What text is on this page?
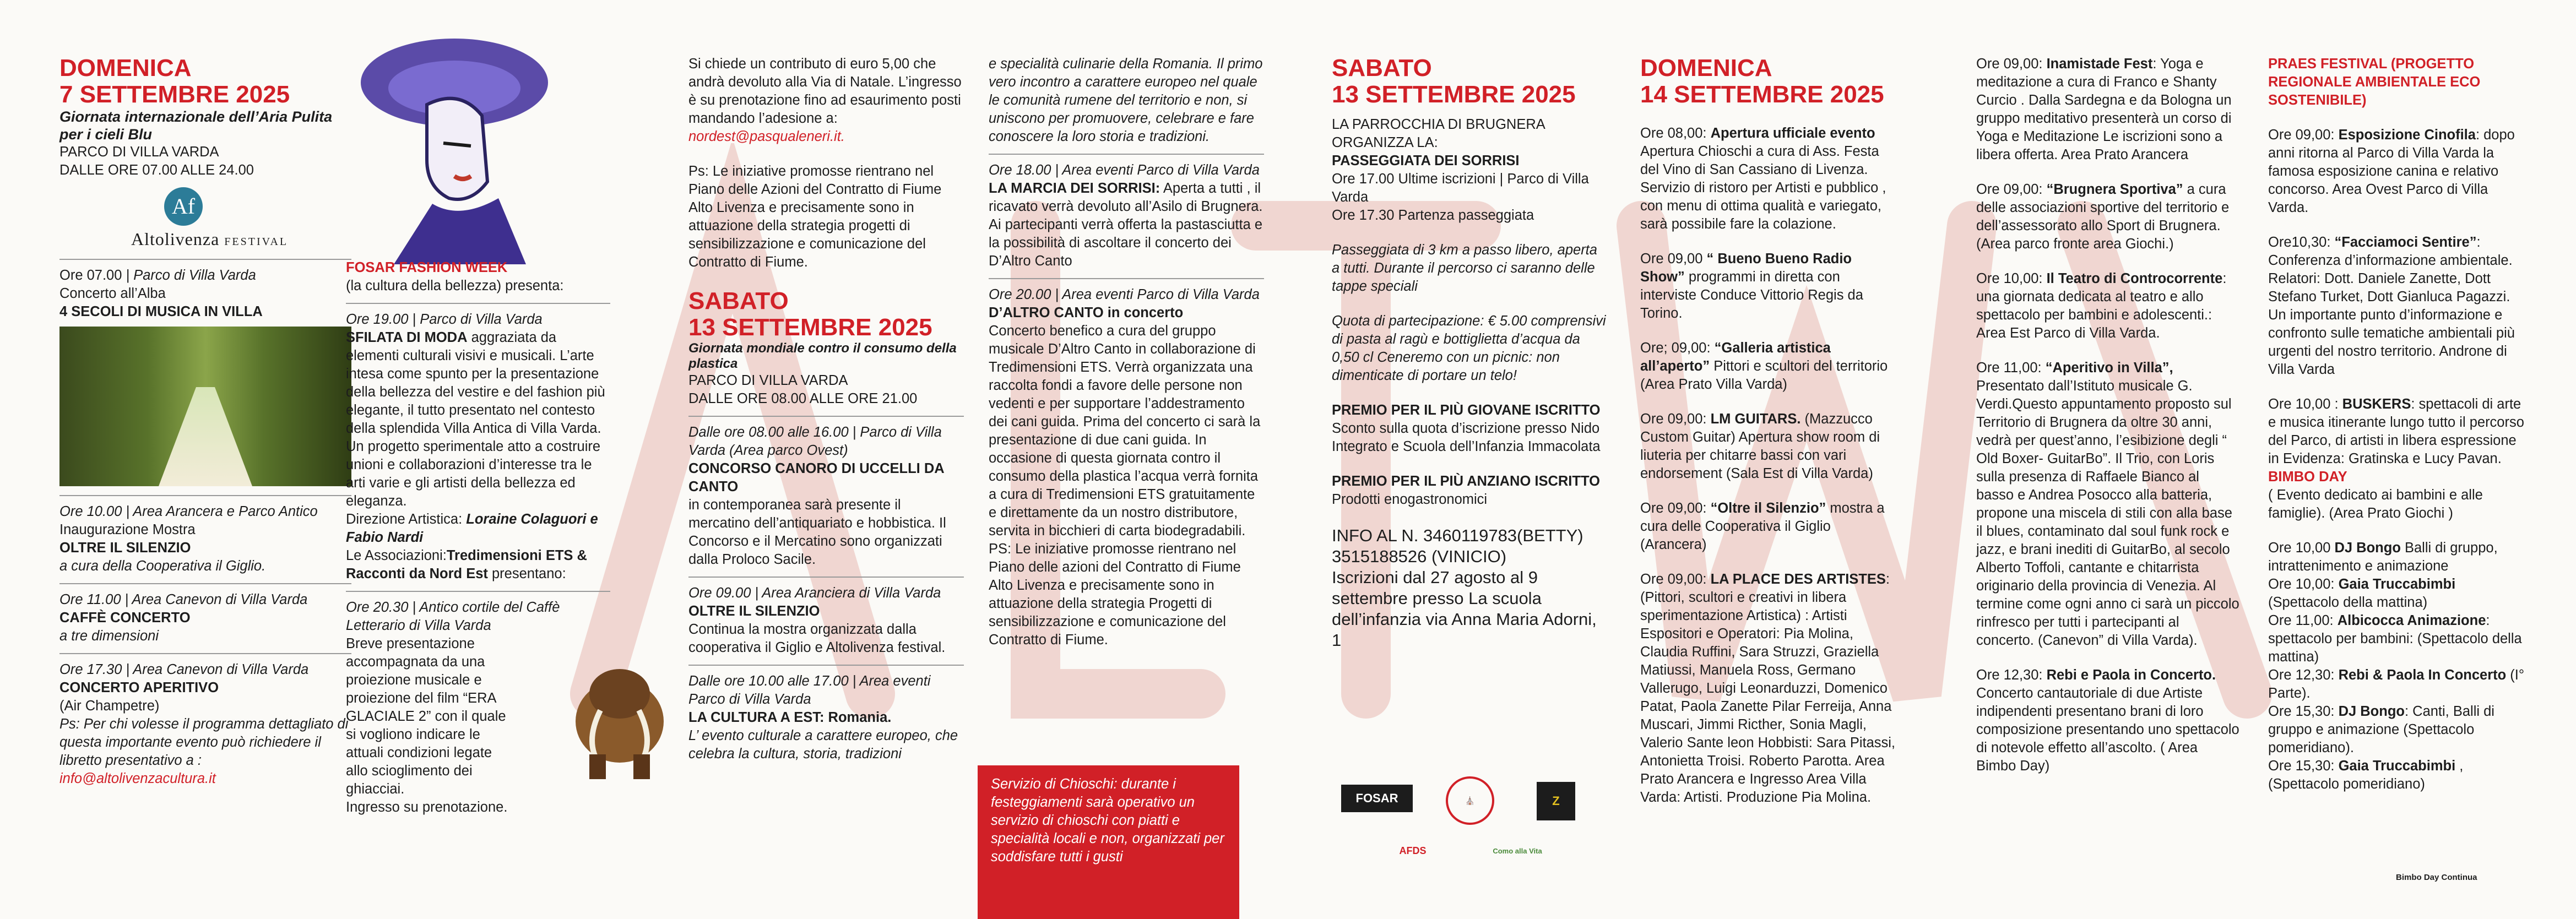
DOMENICA
7 SETTEMBRE 2025

Giornata internazionale dell’Aria Pulita per i cieli Blu

PARCO DI VILLA VARDA

DALLE ORE 07.00 ALLE 24.00

Af
Altolivenza FESTIVAL

Ore 07.00 | Parco di Villa Varda

Concerto all’Alba

4 SECOLI DI MUSICA IN VILLA

Ore 10.00 | Area Arancera e Parco Antico

Inaugurazione Mostra

OLTRE IL SILENZIO

a cura della Cooperativa il Giglio.

Ore 11.00 | Area Canevon di Villa Varda

CAFFÈ CONCERTO

a tre dimensioni

Ore 17.30 | Area Canevon di Villa Varda

CONCERTO APERITIVO

(Air Champetre)

Ps: Per chi volesse il programma dettagliato di questa importante evento può richiedere il libretto presentativo a :

info@altolivenzacultura.it

FOSAR FASHION WEEK

(la cultura della bellezza) presenta:

Ore 19.00 | Parco di Villa Varda

SFILATA DI MODA aggraziata da elementi culturali visivi e musicali. L’arte intesa come spunto per la presentazione della bellezza del vestire e del fashion più elegante, il tutto presentato nel contesto della splendida Villa Antica di Villa Varda. Un progetto sperimentale atto a costruire unioni e collaborazioni d’interesse tra le arti varie e gli artisti della bellezza ed eleganza.

Direzione Artistica: Loraine Colaguori e Fabio Nardi

Le Associazioni:Tredimensioni ETS & Racconti da Nord Est presentano:

Ore 20.30 | Antico cortile del Caffè Letterario di Villa Varda

Breve presentazione accompagnata da una proiezione musicale e proiezione del film “ERA GLACIALE 2” con il quale si vogliono indicare le attuali condizioni legate allo scioglimento dei ghiacciai.

Ingresso su prenotazione.

Si chiede un contributo di euro 5,00 che andrà devoluto alla Via di Natale. L’ingresso è su prenotazione fino ad esaurimento posti mandando l’adesione a:

nordest@pasqualeneri.it.

Ps: Le iniziative promosse rientrano nel Piano delle Azioni del Contratto di Fiume Alto Livenza e precisamente sono in attuazione della strategia progetti di sensibilizzazione e comunicazione del Contratto di Fiume.

SABATO
13 SETTEMBRE 2025

Giornata mondiale contro il consumo della plastica

PARCO DI VILLA VARDA

DALLE ORE 08.00 ALLE ORE 21.00

Dalle ore 08.00 alle 16.00 | Parco di Villa Varda (Area parco Ovest)

CONCORSO CANORO DI UCCELLI DA CANTO

in contemporanea sarà presente il mercatino dell’antiquariato e hobbistica. Il Concorso e il Mercatino sono organizzati dalla Proloco Sacile.

Ore 09.00 | Area Aranciera di Villa Varda

OLTRE IL SILENZIO

Continua la mostra organizzata dalla cooperativa il Giglio e Altolivenza festival.

Dalle ore 10.00 alle 17.00 | Area eventi Parco di Villa Varda

LA CULTURA A EST: Romania.

L’ evento culturale a carattere europeo, che celebra la cultura, storia, tradizioni

e specialità culinarie della Romania. Il primo vero incontro a carattere europeo nel quale le comunità rumene del territorio e non, si uniscono per promuovere, celebrare e fare conoscere la loro storia e tradizioni.

Ore 18.00 | Area eventi Parco di Villa Varda

LA MARCIA DEI SORRISI: Aperta a tutti , il ricavato verrà devoluto all’Asilo di Brugnera. Ai partecipanti verrà offerta la pastasciutta e la possibilità di ascoltare il concerto dei D’Altro Canto

Ore 20.00 | Area eventi Parco di Villa Varda

D’ALTRO CANTO in concerto

Concerto benefico a cura del gruppo musicale D’Altro Canto in collaborazione di Tredimensioni ETS. Verrà organizzata una raccolta fondi a favore delle persone non vedenti e per supportare l’addestramento dei cani guida. Prima del concerto ci sarà la presentazione di due cani guida. In occasione di questa giornata contro il consumo della plastica l’acqua verrà fornita a cura di Tredimensioni ETS gratuitamente e direttamente da un nostro distributore, servita in bicchieri di carta biodegradabili.

PS: Le iniziative promosse rientrano nel Piano delle azioni del Contratto di Fiume Alto Livenza e precisamente sono in attuazione della strategia Progetti di sensibilizzazione e comunicazione del Contratto di Fiume.

Servizio di Chioschi: durante i festeggiamenti sarà operativo un servizio di chioschi con piatti e specialità locali e non, organizzati per soddisfare tutti i gusti
SABATO
13 SETTEMBRE 2025

LA PARROCCHIA DI BRUGNERA

ORGANIZZA LA:

PASSEGGIATA DEI SORRISI

Ore 17.00 Ultime iscrizioni | Parco di Villa Varda

Ore 17.30 Partenza passeggiata

Passeggiata di 3 km a passo libero, aperta a tutti. Durante il percorso ci saranno delle tappe speciali

Quota di partecipazione: € 5.00 comprensivi di pasta al ragù e bottiglietta d’acqua da 0,50 cl Ceneremo con un picnic: non dimenticate di portare un telo!

PREMIO PER IL PIÙ GIOVANE ISCRITTO

Sconto sulla quota d’iscrizione presso Nido Integrato e Scuola dell’Infanzia Immacolata

PREMIO PER IL PIÙ ANZIANO ISCRITTO

Prodotti enogastronomici

INFO AL N. 3460119783(BETTY) 3515188526 (VINICIO)

Iscrizioni dal 27 agosto al 9 settembre presso La scuola dell’infanzia via Anna Maria Adorni, 1

FOSAR	⛪	Z
AFDS	Como alla Vita
DOMENICA
14 SETTEMBRE 2025

Ore 08,00: Apertura ufficiale evento

Apertura Chioschi a cura di Ass. Festa del Vino di San Cassiano di Livenza. Servizio di ristoro per Artisti e pubblico , con menu di ottima qualità e variegato, sarà possibile fare la colazione.

Ore 09,00 “ Bueno Bueno Radio Show” programmi in diretta con interviste Conduce Vittorio Regis da Torino.

Ore; 09,00: “Galleria artistica all’aperto” Pittori e scultori del territorio (Area Prato Villa Varda)

Ore 09,00: LM GUITARS. (Mazzucco Custom Guitar) Apertura show room di liuteria per chitarre bassi con vari endorsement (Sala Est di Villa Varda)

Ore 09,00: “Oltre il Silenzio” mostra a cura delle Cooperativa il Giglio (Arancera)

Ore 09,00: LA PLACE DES ARTISTES: (Pittori, scultori e creativi in libera sperimentazione Artistica) : Artisti Espositori e Operatori: Pia Molina, Claudia Ruffini, Sara Struzzi, Graziella Matiussi, Manuela Ross, Germano Vallerugo, Luigi Leonarduzzi, Domenico Patat, Paola Zanette Pilar Ferreija, Anna Muscari, Jimmi Ricther, Sonia Magli, Valerio Sante leon Hobbisti: Sara Pitassi, Antonietta Troisi. Roberto Parotta. Area Prato Arancera e Ingresso Area Villa Varda: Artisti. Produzione Pia Molina.

Ore 09,00: Inamistade Fest: Yoga e meditazione a cura di Franco e Shanty Curcio . Dalla Sardegna e da Bologna un gruppo meditativo presenterà un corso di Yoga e Meditazione Le iscrizioni sono a libera offerta. Area Prato Arancera

Ore 09,00: “Brugnera Sportiva” a cura delle associazioni sportive del territorio e dell’assessorato allo Sport di Brugnera. (Area parco fronte area Giochi.)

Ore 10,00: Il Teatro di Controcorrente: una giornata dedicata al teatro e allo spettacolo per bambini e adolescenti.: Area Est Parco di Villa Varda.

Ore 11,00: “Aperitivo in Villa”, Presentato dall’Istituto musicale G. Verdi.Questo appuntamento proposto sul Territorio di Brugnera da oltre 30 anni, vedrà per quest’anno, l’esibizione degli “ Old Boxer- GuitarBo”. Il Trio, con Loris sulla presenza di Raffaele Bianco al basso e Andrea Posocco alla batteria, propone una miscela di stili con alla base il blues, contaminato dal soul funk rock e jazz, e brani inediti di GuitarBo, al secolo Alberto Toffoli, cantante e chitarrista originario della provincia di Venezia. Al termine come ogni anno ci sarà un piccolo rinfresco per tutti i partecipanti al concerto. (Canevon” di Villa Varda).

Ore 12,30: Rebi e Paola in Concerto. Concerto cantautoriale di due Artiste indipendenti presentano brani di loro composizione presentando uno spettacolo di notevole effetto all’ascolto. ( Area Bimbo Day)

PRAES FESTIVAL (PROGETTO REGIONALE AMBIENTALE ECO SOSTENIBILE)

Ore 09,00: Esposizione Cinofila: dopo anni ritorna al Parco di Villa Varda la famosa esposizione canina e relativo concorso. Area Ovest Parco di Villa Varda.

Ore10,30: “Facciamoci Sentire”: Conferenza d’informazione ambientale. Relatori: Dott. Daniele Zanette, Dott Stefano Turket, Dott Gianluca Pagazzi. Un importante punto d’informazione e confronto sulle tematiche ambientali più urgenti del nostro territorio. Androne di Villa Varda

Ore 10,00 : BUSKERS: spettacoli di arte e musica itinerante lungo tutto il percorso del Parco, di artisti in libera espressione in Evidenza: Gratinska e Lucy Pavan.

BIMBO DAY

( Evento dedicato ai bambini e alle famiglie). (Area Prato Giochi )

Ore 10,00 DJ Bongo Balli di gruppo, intrattenimento e animazione

Ore 10,00: Gaia Truccabimbi (Spettacolo della mattina)

Ore 11,00: Albicocca Animazione: spettacolo per bambini: (Spettacolo della mattina)

Ore 12,30: Rebi & Paola In Concerto (I° Parte).

Ore 15,30: DJ Bongo: Canti, Balli di gruppo e animazione (Spettacolo pomeridiano).

Ore 15,30: Gaia Truccabimbi , (Spettacolo pomeridiano)

Bimbo Day Continua
